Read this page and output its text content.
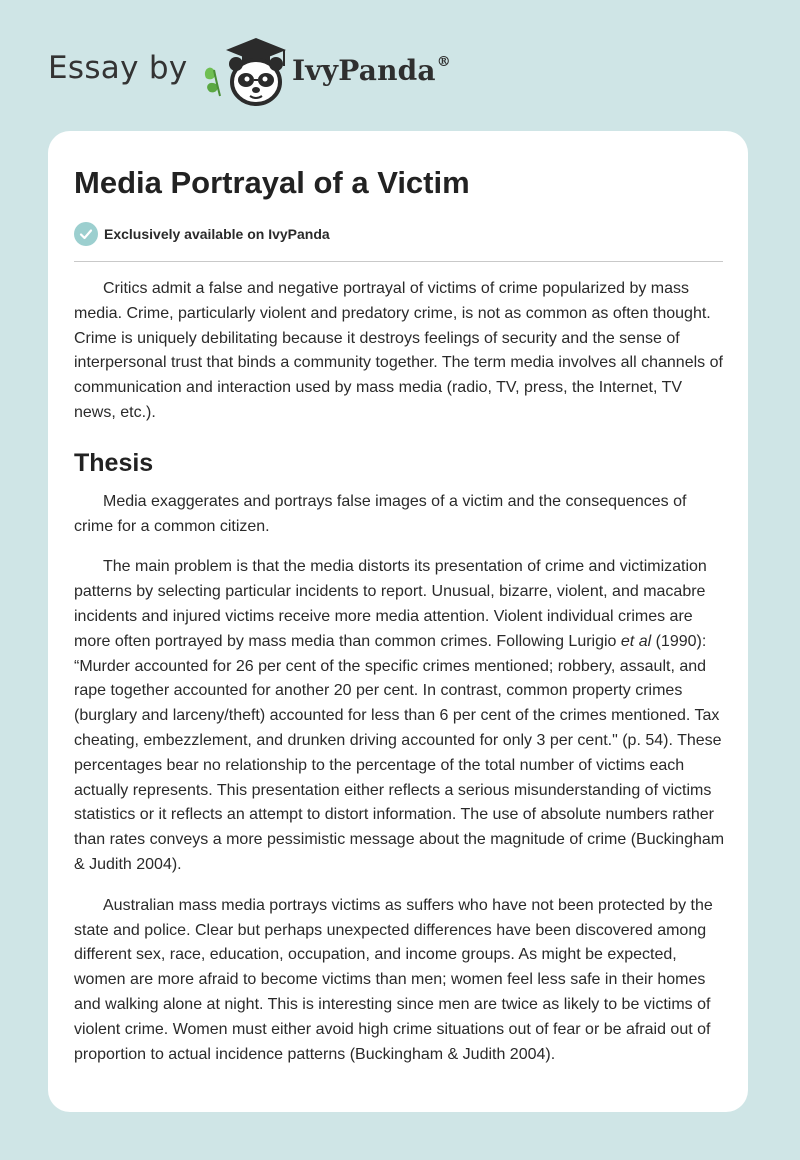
Essay by	IvyPanda®
Media Portrayal of a Victim
Exclusively available on IvyPanda

Critics admit a false and negative portrayal of victims of crime popularized by mass media. Crime, particularly violent and predatory crime, is not as common as often thought. Crime is uniquely debilitating because it destroys feelings of security and the sense of interpersonal trust that binds a community together. The term media involves all channels of communication and interaction used by mass media (radio, TV, press, the Internet, TV news, etc.).

Thesis

Media exaggerates and portrays false images of a victim and the consequences of crime for a common citizen.

The main problem is that the media distorts its presentation of crime and victimization patterns by selecting particular incidents to report. Unusual, bizarre, violent, and macabre incidents and injured victims receive more media attention. Violent individual crimes are more often portrayed by mass media than common crimes. Following Lurigio et al (1990): “Murder accounted for 26 per cent of the specific crimes mentioned; robbery, assault, and rape together accounted for another 20 per cent. In contrast, common property crimes (burglary and larceny/theft) accounted for less than 6 per cent of the crimes mentioned. Tax cheating, embezzlement, and drunken driving accounted for only 3 per cent." (p. 54). These percentages bear no relationship to the percentage of the total number of victims each actually represents. This presentation either reflects a serious misunderstanding of victims statistics or it reflects an attempt to distort information. The use of absolute numbers rather than rates conveys a more pessimistic message about the magnitude of crime (Buckingham & Judith 2004).

Australian mass media portrays victims as suffers who have not been protected by the state and police. Clear but perhaps unexpected differences have been discovered among different sex, race, education, occupation, and income groups. As might be expected, women are more afraid to become victims than men; women feel less safe in their homes and walking alone at night. This is interesting since men are twice as likely to be victims of violent crime. Women must either avoid high crime situations out of fear or be afraid out of proportion to actual incidence patterns (Buckingham & Judith 2004).
